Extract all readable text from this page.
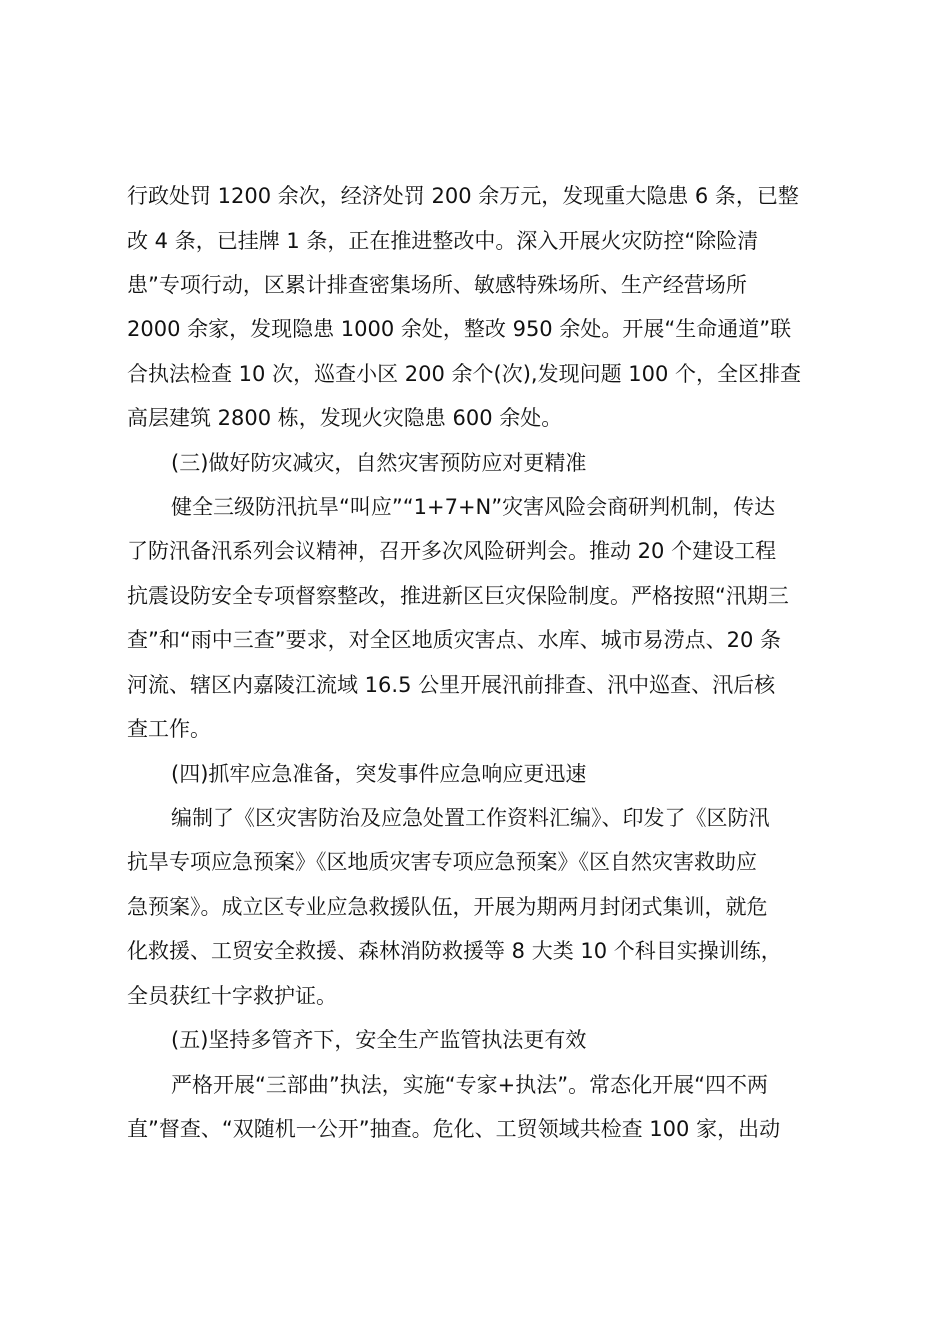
行政处罚 1200 余次，经济处罚 200 余万元，发现重大隐患 6 条，已整
改 4 条，已挂牌 1 条，正在推进整改中。深入开展火灾防控“除险清
患”专项行动，区累计排查密集场所、敏感特殊场所、生产经营场所
2000 余家，发现隐患 1000 余处，整改 950 余处。开展“生命通道”联
合执法检查 10 次，巡查小区 200 余个(次),发现问题 100 个，全区排查
高层建筑 2800 栋，发现火灾隐患 600 余处。
(三)做好防灾减灾，自然灾害预防应对更精准
健全三级防汛抗旱“叫应”“1+7+N”灾害风险会商研判机制，传达
了防汛备汛系列会议精神，召开多次风险研判会。推动 20 个建设工程
抗震设防安全专项督察整改，推进新区巨灾保险制度。严格按照“汛期三
查”和“雨中三查”要求，对全区地质灾害点、水库、城市易涝点、20 条
河流、辖区内嘉陵江流域 16.5 公里开展汛前排查、汛中巡查、汛后核
查工作。
(四)抓牢应急准备，突发事件应急响应更迅速
编制了《区灾害防治及应急处置工作资料汇编》、印发了《区防汛
抗旱专项应急预案》《区地质灾害专项应急预案》《区自然灾害救助应
急预案》。成立区专业应急救援队伍，开展为期两月封闭式集训，就危
化救援、工贸安全救援、森林消防救援等 8 大类 10 个科目实操训练，
全员获红十字救护证。
(五)坚持多管齐下，安全生产监管执法更有效
严格开展“三部曲”执法，实施“专家+执法”。常态化开展“四不两
直”督查、“双随机一公开”抽查。危化、工贸领域共检查 100 家，出动
